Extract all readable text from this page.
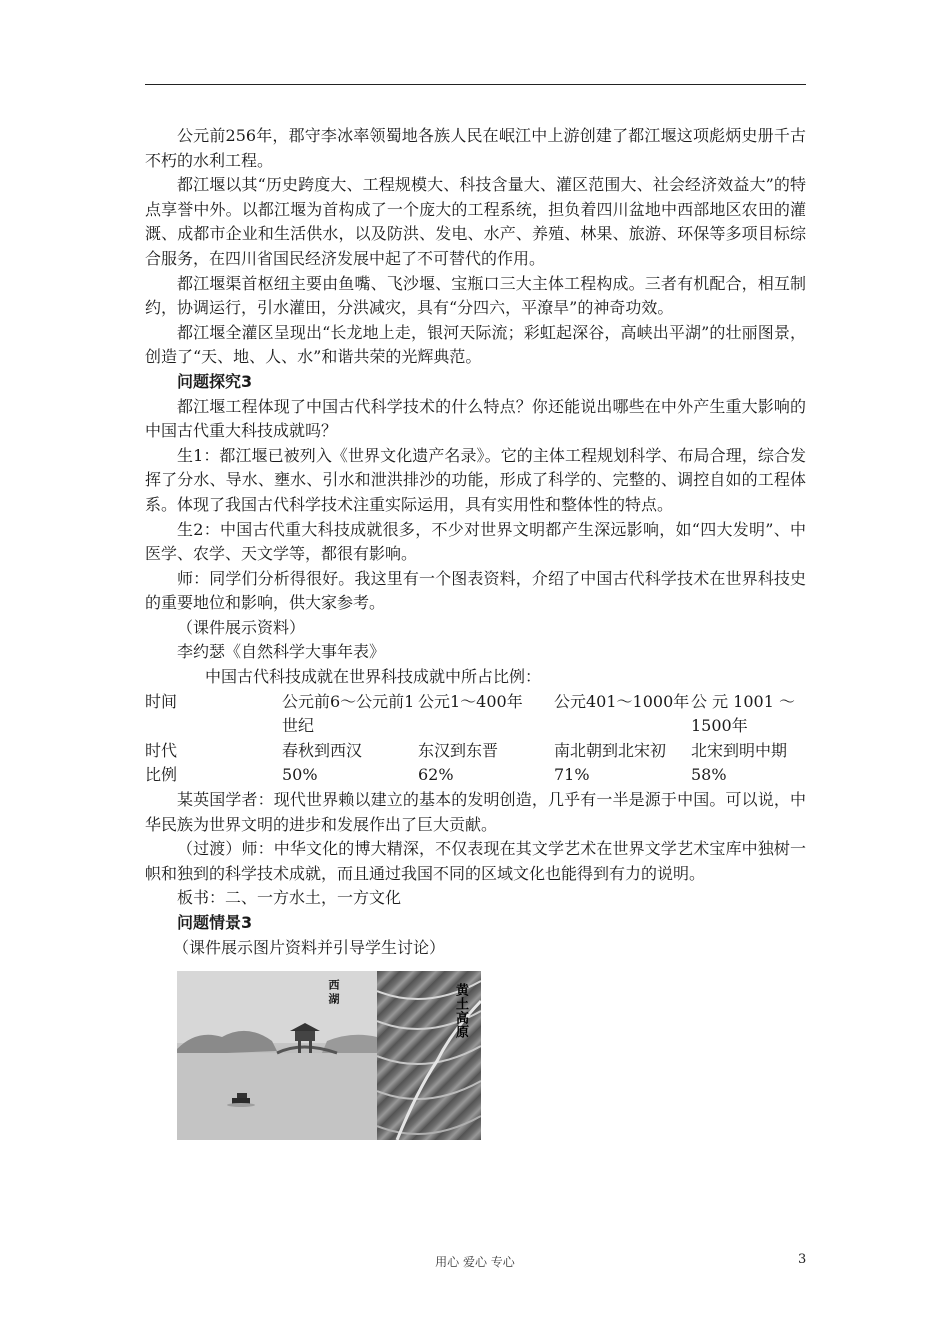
公元前256年，郡守李冰率领蜀地各族人民在岷江中上游创建了都江堰这项彪炳史册千古不朽的水利工程。

都江堰以其“历史跨度大、工程规模大、科技含量大、灌区范围大、社会经济效益大”的特点享誉中外。以都江堰为首构成了一个庞大的工程系统，担负着四川盆地中西部地区农田的灌溉、成都市企业和生活供水，以及防洪、发电、水产、养殖、林果、旅游、环保等多项目标综合服务，在四川省国民经济发展中起了不可替代的作用。

都江堰渠首枢纽主要由鱼嘴、飞沙堰、宝瓶口三大主体工程构成。三者有机配合，相互制约，协调运行，引水灌田，分洪减灾，具有“分四六，平潦旱”的神奇功效。

都江堰全灌区呈现出“长龙地上走，银河天际流；彩虹起深谷，高峡出平湖”的壮丽图景，创造了“天、地、人、水”和谐共荣的光辉典范。

问题探究3

都江堰工程体现了中国古代科学技术的什么特点？你还能说出哪些在中外产生重大影响的中国古代重大科技成就吗？

生1：都江堰已被列入《世界文化遗产名录》。它的主体工程规划科学、布局合理，综合发挥了分水、导水、壅水、引水和泄洪排沙的功能，形成了科学的、完整的、调控自如的工程体系。体现了我国古代科学技术注重实际运用，具有实用性和整体性的特点。

生2：中国古代重大科技成就很多，不少对世界文明都产生深远影响，如“四大发明”、中医学、农学、天文学等，都很有影响。

师：同学们分析得很好。我这里有一个图表资料，介绍了中国古代科学技术在世界科技史的重要地位和影响，供大家参考。

（课件展示资料）

李约瑟《自然科学大事年表》

中国古代科技成就在世界科技成就中所占比例：

时间	公元前6～公元前1世纪	公元1～400年	公元401～1000年	公 元 1001 ～1500年
时代	春秋到西汉	东汉到东晋	南北朝到北宋初	北宋到明中期
比例	50%	62%	71%	58%

某英国学者：现代世界赖以建立的基本的发明创造，几乎有一半是源于中国。可以说，中华民族为世界文明的进步和发展作出了巨大贡献。

（过渡）师：中华文化的博大精深，不仅表现在其文学艺术在世界文学艺术宝库中独树一帜和独到的科学技术成就，而且通过我国不同的区域文化也能得到有力的说明。

板书：二、一方水土，一方文化

问题情景3

（课件展示图片资料并引导学生讨论）

西湖	黄土高原
用心 爱心 专心	3
